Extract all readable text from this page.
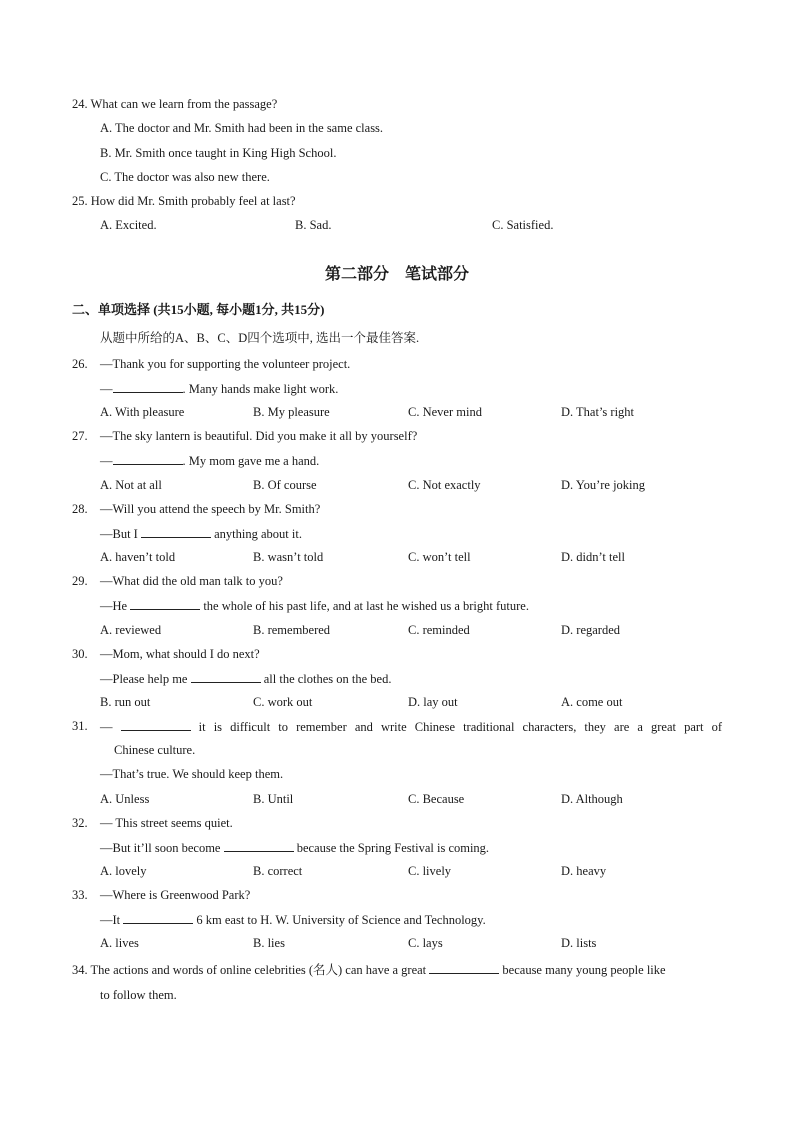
24. What can we learn from the passage?
A. The doctor and Mr. Smith had been in the same class.
B. Mr. Smith once taught in King High School.
C. The doctor was also new there.
25. How did Mr. Smith probably feel at last?
A. Excited.	B. Sad.	C. Satisfied.
第二部分　笔试部分
二、单项选择 (共15小题, 每小题1分, 共15分)
从题中所给的A、B、C、D四个选项中, 选出一个最佳答案.
26. —Thank you for supporting the volunteer project.
—	. Many hands make light work.
A. With pleasure	B. My pleasure	C. Never mind	D. That’s right
27. —The sky lantern is beautiful. Did you make it all by yourself?
—	. My mom gave me a hand.
A. Not at all	B. Of course	C. Not exactly	D. You’re joking
28. —Will you attend the speech by Mr. Smith?
—But I	anything about it.
A. haven’t told	B. wasn’t told	C. won’t tell	D. didn’t tell
29. —What did the old man talk to you?
—He	the whole of his past life, and at last he wished us a bright future.
A. reviewed	B. remembered	C. reminded	D. regarded
30. —Mom, what should I do next?
—Please help me	all the clothes on the bed.
B. run out	C. work out	D. lay out	A. come out
31. —	it is difficult to remember and write Chinese traditional characters, they are a great part of
Chinese culture.
—That’s true. We should keep them.
A. Unless	B. Until	C. Because	D. Although
32. — This street seems quiet.
—But it’ll soon become	because the Spring Festival is coming.
A. lovely	B. correct	C. lively	D. heavy
33. —Where is Greenwood Park?
—It	6 km east to H. W. University of Science and Technology.
A. lives	B. lies	C. lays	D. lists
34. The actions and words of online celebrities (名人) can have a great	because many young people like
to follow them.
